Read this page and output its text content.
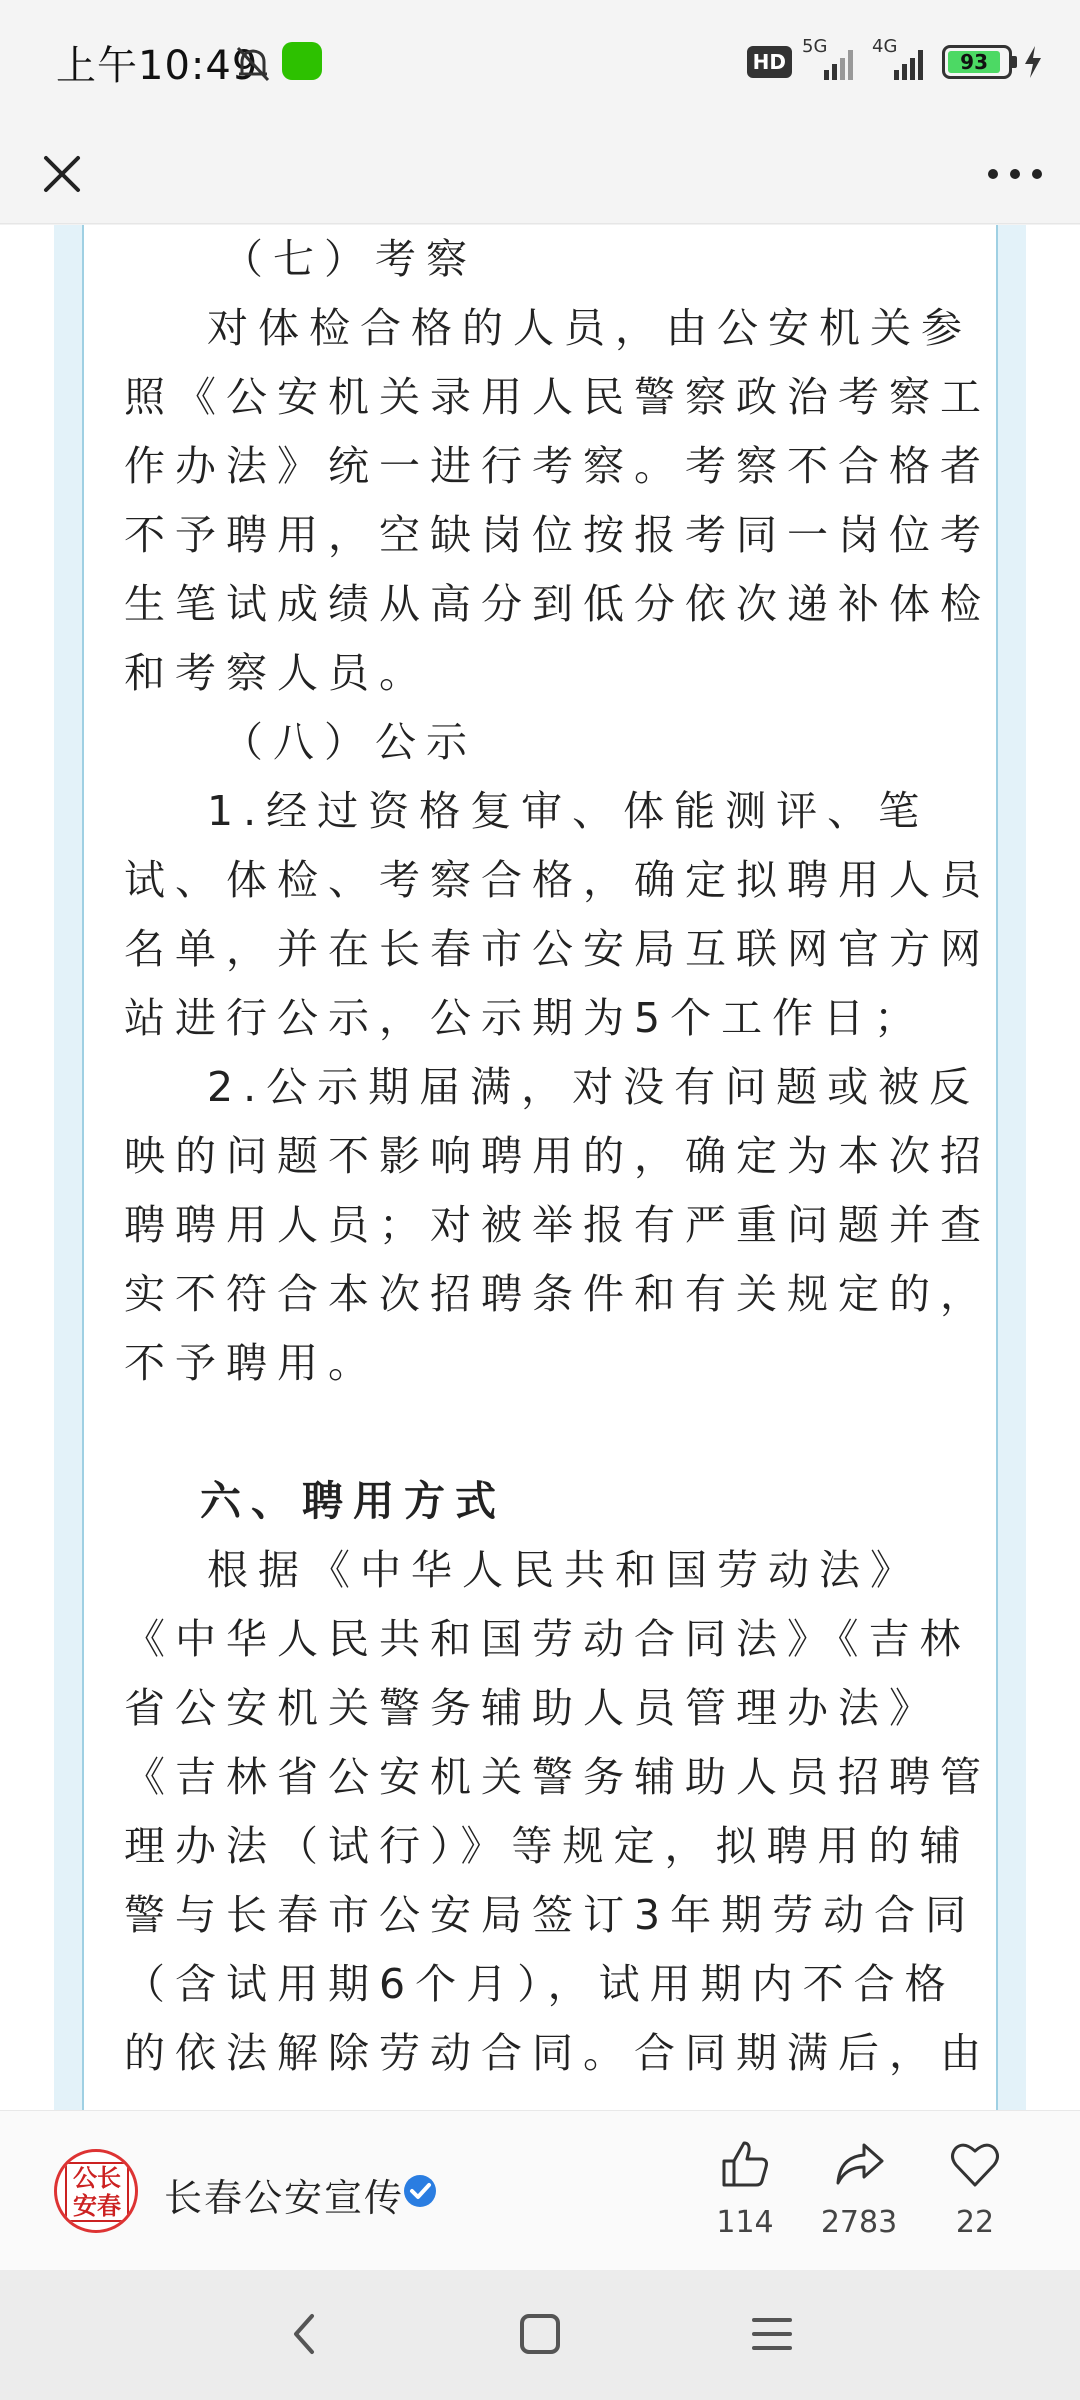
上午10:49	HD
5G 4G
93
（七）考察
对体检合格的人员，由公安机关参
照《公安机关录用人民警察政治考察工
作办法》统一进行考察。考察不合格者
不予聘用，空缺岗位按报考同一岗位考
生笔试成绩从高分到低分依次递补体检
和考察人员。
（八）公示
1.经过资格复审、体能测评、笔
试、体检、考察合格，确定拟聘用人员
名单，并在长春市公安局互联网官方网
站进行公示，公示期为5个工作日；
2.公示期届满，对没有问题或被反
映的问题不影响聘用的，确定为本次招
聘聘用人员；对被举报有严重问题并查
实不符合本次招聘条件和有关规定的，
不予聘用。
六、聘用方式
根据《中华人民共和国劳动法》
《中华人民共和国劳动合同法》《吉林
省公安机关警务辅助人员管理办法》
《吉林省公安机关警务辅助人员招聘管
理办法（试行）》等规定，拟聘用的辅
警与长春市公安局签订3年期劳动合同
（含试用期6个月），试用期内不合格
的依法解除劳动合同。合同期满后，由
公长
安春 长春公安宣传
114	2783	22
